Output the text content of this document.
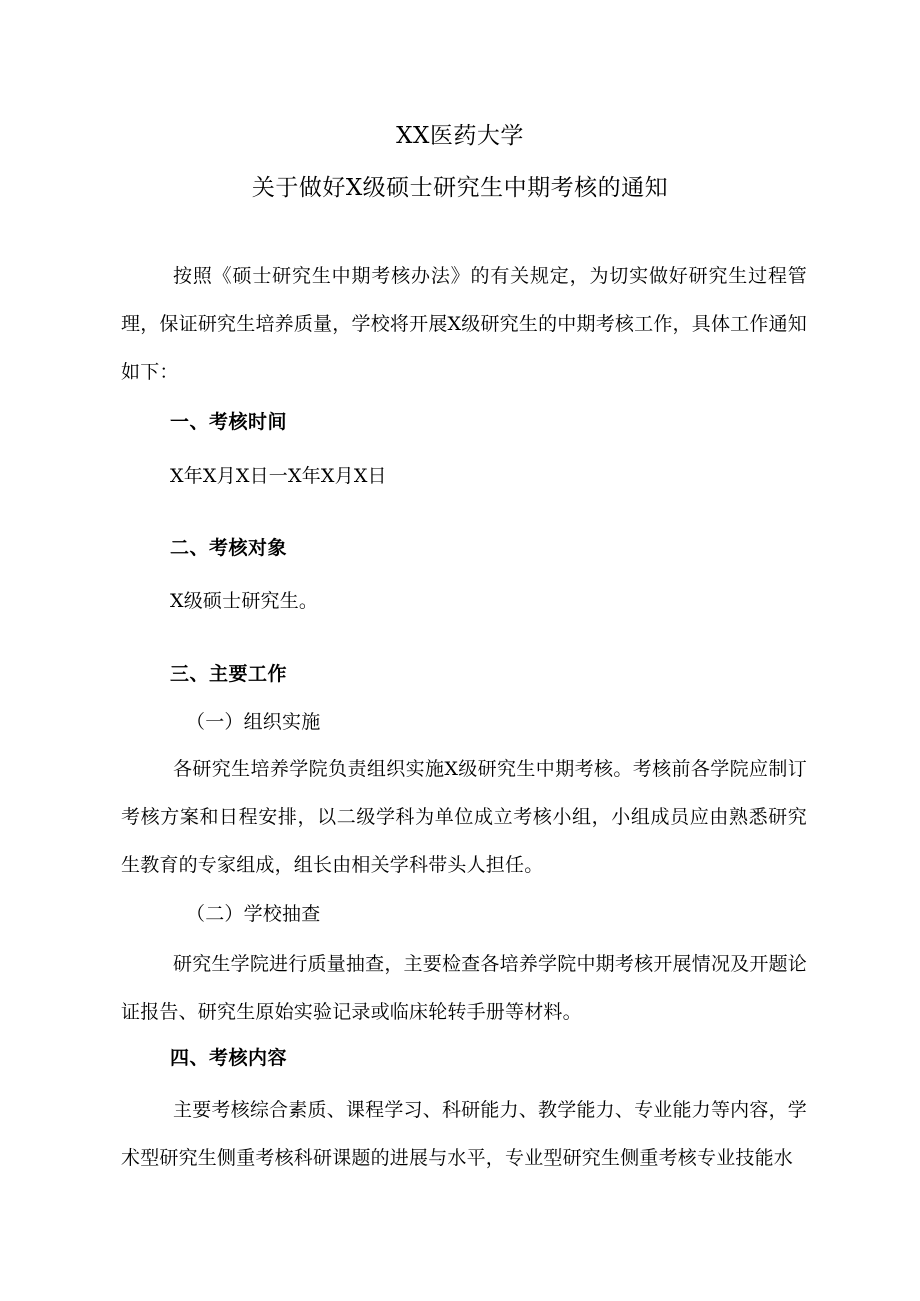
XX医药大学
关于做好X级硕士研究生中期考核的通知
按照《硕士研究生中期考核办法》的有关规定，为切实做好研究生过程管理，保证研究生培养质量，学校将开展X级研究生的中期考核工作，具体工作通知如下：
一、考核时间
X年X月X日一X年X月X日
二、考核对象
X级硕士研究生。
三、主要工作
（一）组织实施
各研究生培养学院负责组织实施X级研究生中期考核。考核前各学院应制订考核方案和日程安排，以二级学科为单位成立考核小组，小组成员应由熟悉研究生教育的专家组成，组长由相关学科带头人担任。
（二）学校抽查
研究生学院进行质量抽查，主要检查各培养学院中期考核开展情况及开题论证报告、研究生原始实验记录或临床轮转手册等材料。
四、考核内容
主要考核综合素质、课程学习、科研能力、教学能力、专业能力等内容，学术型研究生侧重考核科研课题的进展与水平，专业型研究生侧重考核专业技能水
